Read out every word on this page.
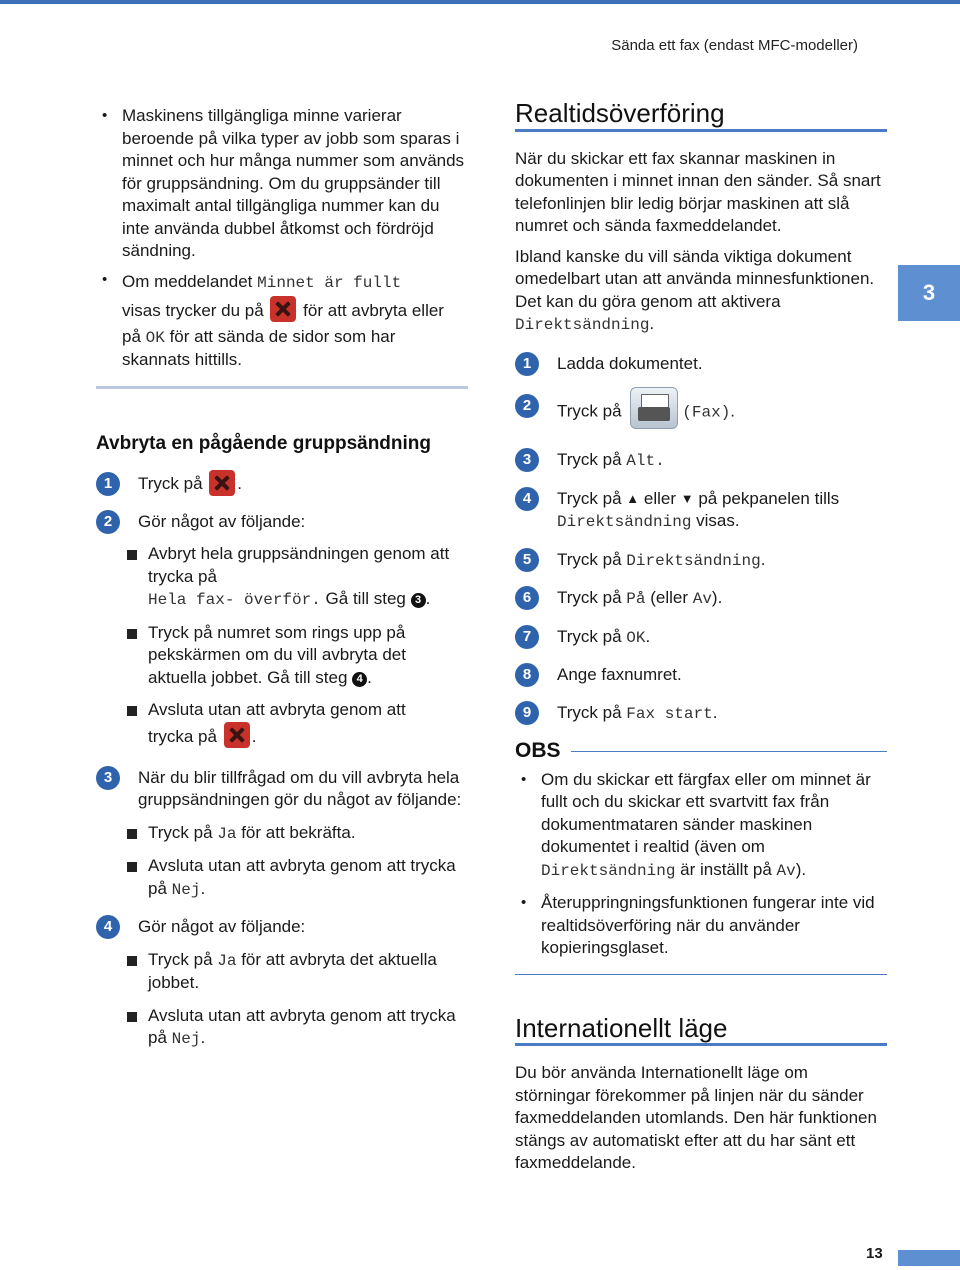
Sända ett fax (endast MFC-modeller)
• Maskinens tillgängliga minne varierar beroende på vilka typer av jobb som sparas i minnet och hur många nummer som används för gruppsändning. Om du gruppsänder till maximalt antal tillgängliga nummer kan du inte använda dubbel åtkomst och fördröjd sändning.
• Om meddelandet Minnet är fullt
visas trycker du på  för att avbryta eller
på OK för att sända de sidor som har skannats hittills.
Avbryta en pågående gruppsändning
1	Tryck på .
2	Gör något av följande:
Avbryt hela gruppsändningen genom att trycka på
Hela fax- överför. Gå till steg 3 .
Tryck på numret som rings upp på pekskärmen om du vill avbryta det aktuella jobbet. Gå till steg 4 .
Avsluta utan att avbryta genom att
trycka på .
3	När du blir tillfrågad om du vill avbryta hela gruppsändningen gör du något av följande:
Tryck på Ja för att bekräfta.
Avsluta utan att avbryta genom att trycka på Nej.
4	Gör något av följande:
Tryck på Ja för att avbryta det aktuella jobbet.
Avsluta utan att avbryta genom att trycka på Nej.
Realtidsöverföring

När du skickar ett fax skannar maskinen in dokumenten i minnet innan den sänder. Så snart telefonlinjen blir ledig börjar maskinen att slå numret och sända faxmeddelandet.

Ibland kanske du vill sända viktiga dokument omedelbart utan att använda minnesfunktionen. Det kan du göra genom att aktivera Direktsändning.

1	Ladda dokumentet.
2	Tryck på	(Fax).
3	Tryck på Alt.
4	Tryck på ▲ eller ▼ på pekpanelen tills
Direktsändning visas.
5	Tryck på Direktsändning.
6	Tryck på På (eller Av).
7	Tryck på OK.
8	Ange faxnumret.
9	Tryck på Fax start.
OBS
• Om du skickar ett färgfax eller om minnet är fullt och du skickar ett svartvitt fax från dokumentmataren sänder maskinen dokumentet i realtid (även om Direktsändning är inställt på Av).
• Återuppringningsfunktionen fungerar inte vid realtidsöverföring när du använder kopieringsglaset.
Internationellt läge

Du bör använda Internationellt läge om störningar förekommer på linjen när du sänder faxmeddelanden utomlands. Den här funktionen stängs av automatiskt efter att du har sänt ett faxmeddelande.

3
13
